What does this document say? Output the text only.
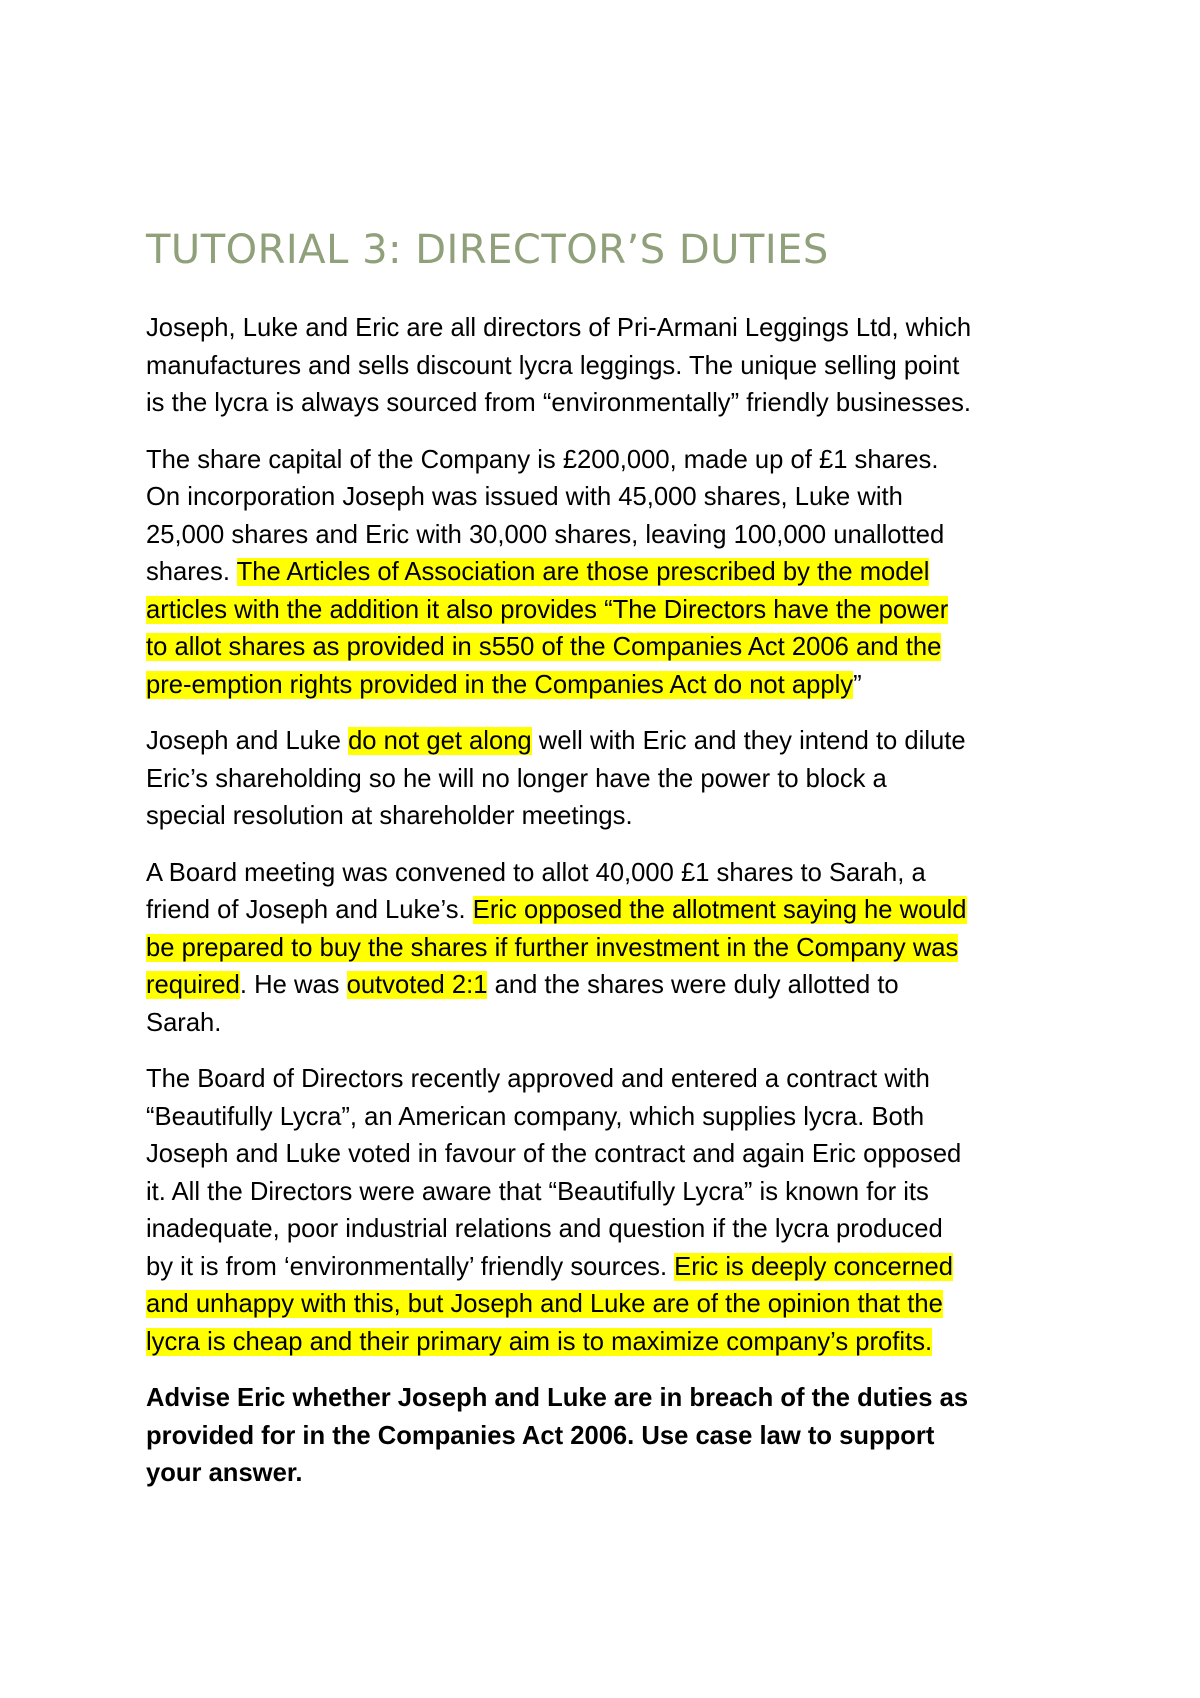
TUTORIAL 3: DIRECTOR’S DUTIES

Joseph, Luke and Eric are all directors of Pri-Armani Leggings Ltd, which
manufactures and sells discount lycra leggings. The unique selling point
is the lycra is always sourced from “environmentally” friendly businesses.

The share capital of the Company is £200,000, made up of £1 shares.
On incorporation Joseph was issued with 45,000 shares, Luke with
25,000 shares and Eric with 30,000 shares, leaving 100,000 unallotted
shares. The Articles of Association are those prescribed by the model
articles with the addition it also provides “The Directors have the power
to allot shares as provided in s550 of the Companies Act 2006 and the
pre-emption rights provided in the Companies Act do not apply”

Joseph and Luke do not get along well with Eric and they intend to dilute
Eric’s shareholding so he will no longer have the power to block a
special resolution at shareholder meetings.

A Board meeting was convened to allot 40,000 £1 shares to Sarah, a
friend of Joseph and Luke’s. Eric opposed the allotment saying he would
be prepared to buy the shares if further investment in the Company was
required. He was outvoted 2:1 and the shares were duly allotted to
Sarah.

The Board of Directors recently approved and entered a contract with
“Beautifully Lycra”, an American company, which supplies lycra. Both
Joseph and Luke voted in favour of the contract and again Eric opposed
it. All the Directors were aware that “Beautifully Lycra” is known for its
inadequate, poor industrial relations and question if the lycra produced
by it is from ‘environmentally’ friendly sources. Eric is deeply concerned
and unhappy with this, but Joseph and Luke are of the opinion that the
lycra is cheap and their primary aim is to maximize company’s profits.

Advise Eric whether Joseph and Luke are in breach of the duties as
provided for in the Companies Act 2006. Use case law to support
your answer.
